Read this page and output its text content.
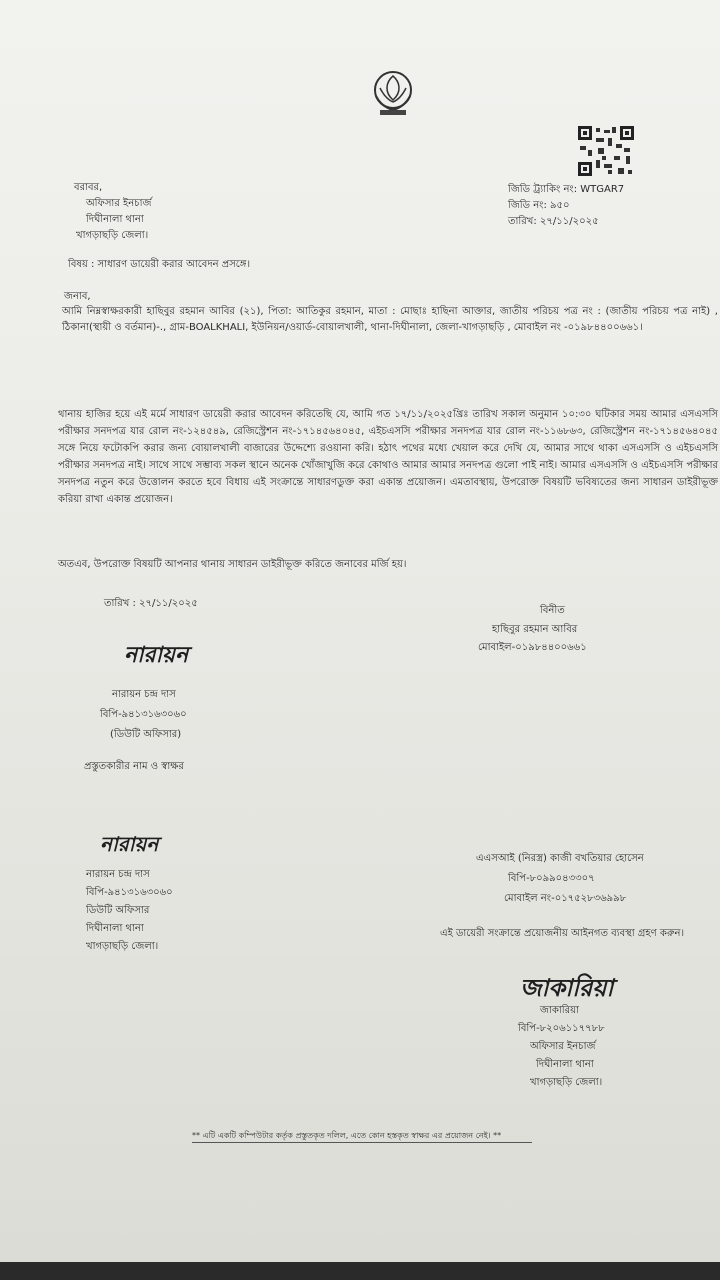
বরাবর,
অফিসার ইনচার্জ
দিঘীনালা থানা
খাগড়াছড়ি জেলা।
জিডি ট্র্যাকিং নং: WTGAR7
জিডি নং: ৯৫০
তারিখ: ২৭/১১/২০২৫
বিষয় : সাধারণ ডায়েরী করার আবেদন প্রসঙ্গে।
জনাব,
আমি নিম্নস্বাক্ষরকারী হাছিবুর রহমান আবির (২১), পিতা: আতিকুর রহমান, মাতা : মোছাঃ হাছিনা আক্তার, জাতীয় পরিচয় পত্র নং : (জাতীয় পরিচয় পত্র নাই) , ঠিকানা(স্থায়ী ও বর্তমান)-., গ্রাম-BOALKHALI, ইউনিয়ন/ওয়ার্ড-বোয়ালখালী, থানা-দিঘীনালা, জেলা-খাগড়াছড়ি , মোবাইল নং -০১৯৮৪৪০০৬৬১।
থানায় হাজির হয়ে এই মর্মে সাধারণ ডায়েরী করার আবেদন করিতেছি যে, আমি গত ১৭/১১/২০২৫খ্রিঃ তারিখ সকাল অনুমান ১০:৩০ ঘটিকার সময় আমার এসএসসি পরীক্ষার সনদপত্র যার রোল নং-১২৪৫৪৯, রেজিস্ট্রেশন নং-১৭১৪৫৬৪০৪৫, এইচএসসি পরীক্ষার সনদপত্র যার রোল নং-১১৬৮৬৩, রেজিস্ট্রেশন নং-১৭১৪৫৬৪০৪৫ সঙ্গে নিয়ে ফটোকপি করার জন্য বোয়ালখালী বাজারের উদ্দেশ্যে রওয়ানা করি। হঠাৎ পথের মধ্যে খেয়াল করে দেখি যে, আমার সাথে থাকা এসএসসি ও এইচএসসি পরীক্ষার সনদপত্র নাই। সাথে সাথে সম্ভাব্য সকল স্থানে অনেক খোঁজাখুজি করে কোথাও আমার আমার সনদপত্র গুলো পাই নাই। আমার এসএসসি ও এইচএসসি পরীক্ষার সনদপত্র নতুন করে উত্তোলন করতে হবে বিধায় এই সংক্রান্তে সাধারণডুক্ত করা একান্ত প্রয়োজন। এমতাবস্থায়, উপরোক্ত বিষয়টি ভবিষ্যতের জন্য সাধারন ডাইরীভূক্ত করিয়া রাখা একান্ত প্রয়োজন।
অতএব, উপরোক্ত বিষয়টি আপনার থানায় সাধারন ডাইরীভূক্ত করিতে জনাবের মর্জি হয়।
তারিখ : ২৭/১১/২০২৫
বিনীত
হাছিবুর রহমান আবির
মোবাইল-০১৯৮৪৪০০৬৬১
নারায়ন
নারায়ন চন্দ্র দাস
বিপি-৯৪১৩১৬৩০৬০
(ডিউটি অফিসার)
প্রস্তুতকারীর নাম ও স্বাক্ষর
নারায়ন
নারায়ন চন্দ্র দাস
বিপি-৯৪১৩১৬৩০৬০
ডিউটি অফিসার
দিঘীনালা থানা
খাগড়াছড়ি জেলা।
এএসআই (নিরস্ত্র) কাজী বখতিয়ার হোসেন
বিপি-৮০৯৯০৪৩৩০৭
মোবাইল নং-০১৭৫২৮৩৬৯৯৮
এই ডায়েরী সংক্রান্তে প্রয়োজনীয় আইনগত ব্যবস্থা গ্রহণ করুন।
জাকারিয়া
জাকারিয়া
বিপি-৮২০৬১১৭৭৮৮
অফিসার ইনচার্জ
দিঘীনালা থানা
খাগড়াছড়ি জেলা।
** এটি একটি কম্পিউটার কর্তৃক প্রস্তুতকৃত দলিল, এতে কোন হস্তকৃত স্বাক্ষর এর প্রয়োজন নেই। **
